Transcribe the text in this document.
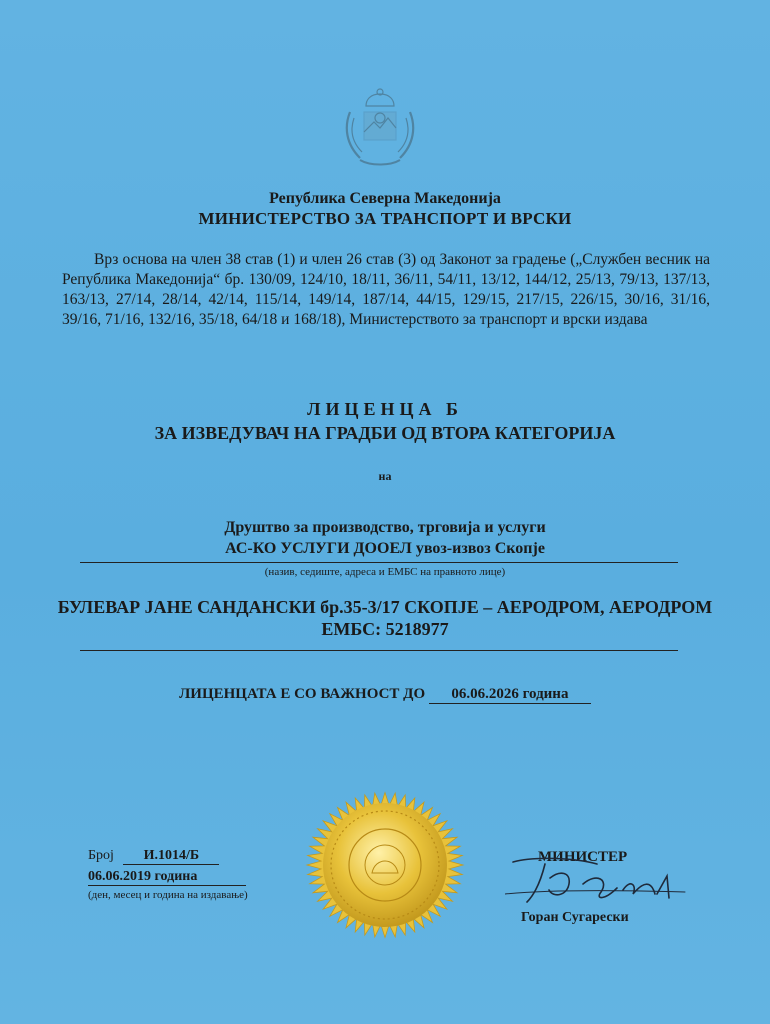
Република Северна Македонија
МИНИСТЕРСТВО ЗА ТРАНСПОРТ И ВРСКИ
Врз основа на член 38 став (1) и член 26 став (3) од Законот за градење („Службен весник на Република Македонија“ бр. 130/09, 124/10, 18/11, 36/11, 54/11, 13/12, 144/12, 25/13, 79/13, 137/13, 163/13, 27/14, 28/14, 42/14, 115/14, 149/14, 187/14, 44/15, 129/15, 217/15, 226/15, 30/16, 31/16, 39/16, 71/16, 132/16, 35/18, 64/18 и 168/18), Министерството за транспорт и врски издава
ЛИЦЕНЦА Б
ЗА ИЗВЕДУВАЧ НА ГРАДБИ ОД ВТОРА КАТЕГОРИЈА
на
Друштво за производство, трговија и услуги
АС-КО УСЛУГИ ДООЕЛ увоз-извоз Скопје
(назив, седиште, адреса и ЕМБС на правното лице)
БУЛЕВАР ЈАНЕ САНДАНСКИ бр.35-3/17 СКОПЈЕ – АЕРОДРОМ, АЕРОДРОМ
ЕМБС: 5218977
ЛИЦЕНЦАТА Е СО ВАЖНОСТ ДО 06.06.2026 година
Број И.1014/Б
06.06.2019 година
(ден, месец и година на издавање)
МИНИСТЕР
Горан Сугарески
